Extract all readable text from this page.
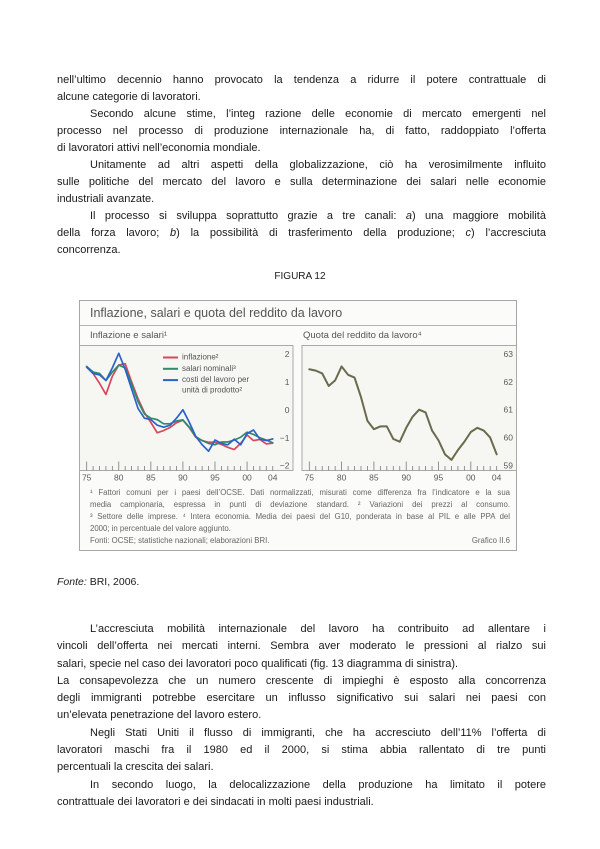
nell’ultimo decennio hanno provocato la tendenza a ridurre il potere contrattuale di
alcune categorie di lavoratori.
Secondo alcune stime, l’integ razione delle economie di mercato emergenti nel
processo nel processo di produzione internazionale ha, di fatto, raddoppiato l’offerta
di lavoratori attivi nell’economia mondiale.
Unitamente ad altri aspetti della globalizzazione, ciò ha verosimilmente influito
sulle politiche del mercato del lavoro e sulla determinazione dei salari nelle economie
industriali avanzate.
Il processo si sviluppa soprattutto grazie a tre canali: a) una maggiore mobilità
della forza lavoro; b) la possibilità di trasferimento della produzione; c) l’accresciuta
concorrenza.
FIGURA 12
Inflazione, salari e quota del reddito da lavoro
Inflazione e salari¹	Quota del reddito da lavoro⁴
75	80	85	90	95	00 04
2
1
0
−1
−2
inflazione²
salari nominali³
costi del lavoro per
unità di prodotto²
75	80	85	90	95	00 04
63
62
61
60
59
¹ Fattori comuni per i paesi dell’OCSE. Dati normalizzati, misurati come differenza fra l’indicatore e la sua
media campionaria, espressa in punti di deviazione standard. ² Variazioni dei prezzi al consumo.
³ Settore delle imprese. ⁴ Intera economia. Media dei paesi del G10, ponderata in base al PIL e alle PPA del
2000; in percentuale del valore aggiunto.
Fonti: OCSE; statistiche nazionali; elaborazioni BRI.	Grafico II.6
Fonte: BRI, 2006.
L’accresciuta mobilità internazionale del lavoro ha contribuito ad allentare i
vincoli dell’offerta nei mercati interni. Sembra aver moderato le pressioni al rialzo sui
salari, specie nel caso dei lavoratori poco qualificati (fig. 13 diagramma di sinistra).
La consapevolezza che un numero crescente di impieghi è esposto alla concorrenza
degli immigranti potrebbe esercitare un influsso significativo sui salari nei paesi con
un’elevata penetrazione del lavoro estero.
Negli Stati Uniti il flusso di immigranti, che ha accresciuto dell’11% l’offerta di
lavoratori maschi fra il 1980 ed il 2000, si stima abbia rallentato di tre punti
percentuali la crescita dei salari.
In secondo luogo, la delocalizzazione della produzione ha limitato il potere
contrattuale dei lavoratori e dei sindacati in molti paesi industriali.
